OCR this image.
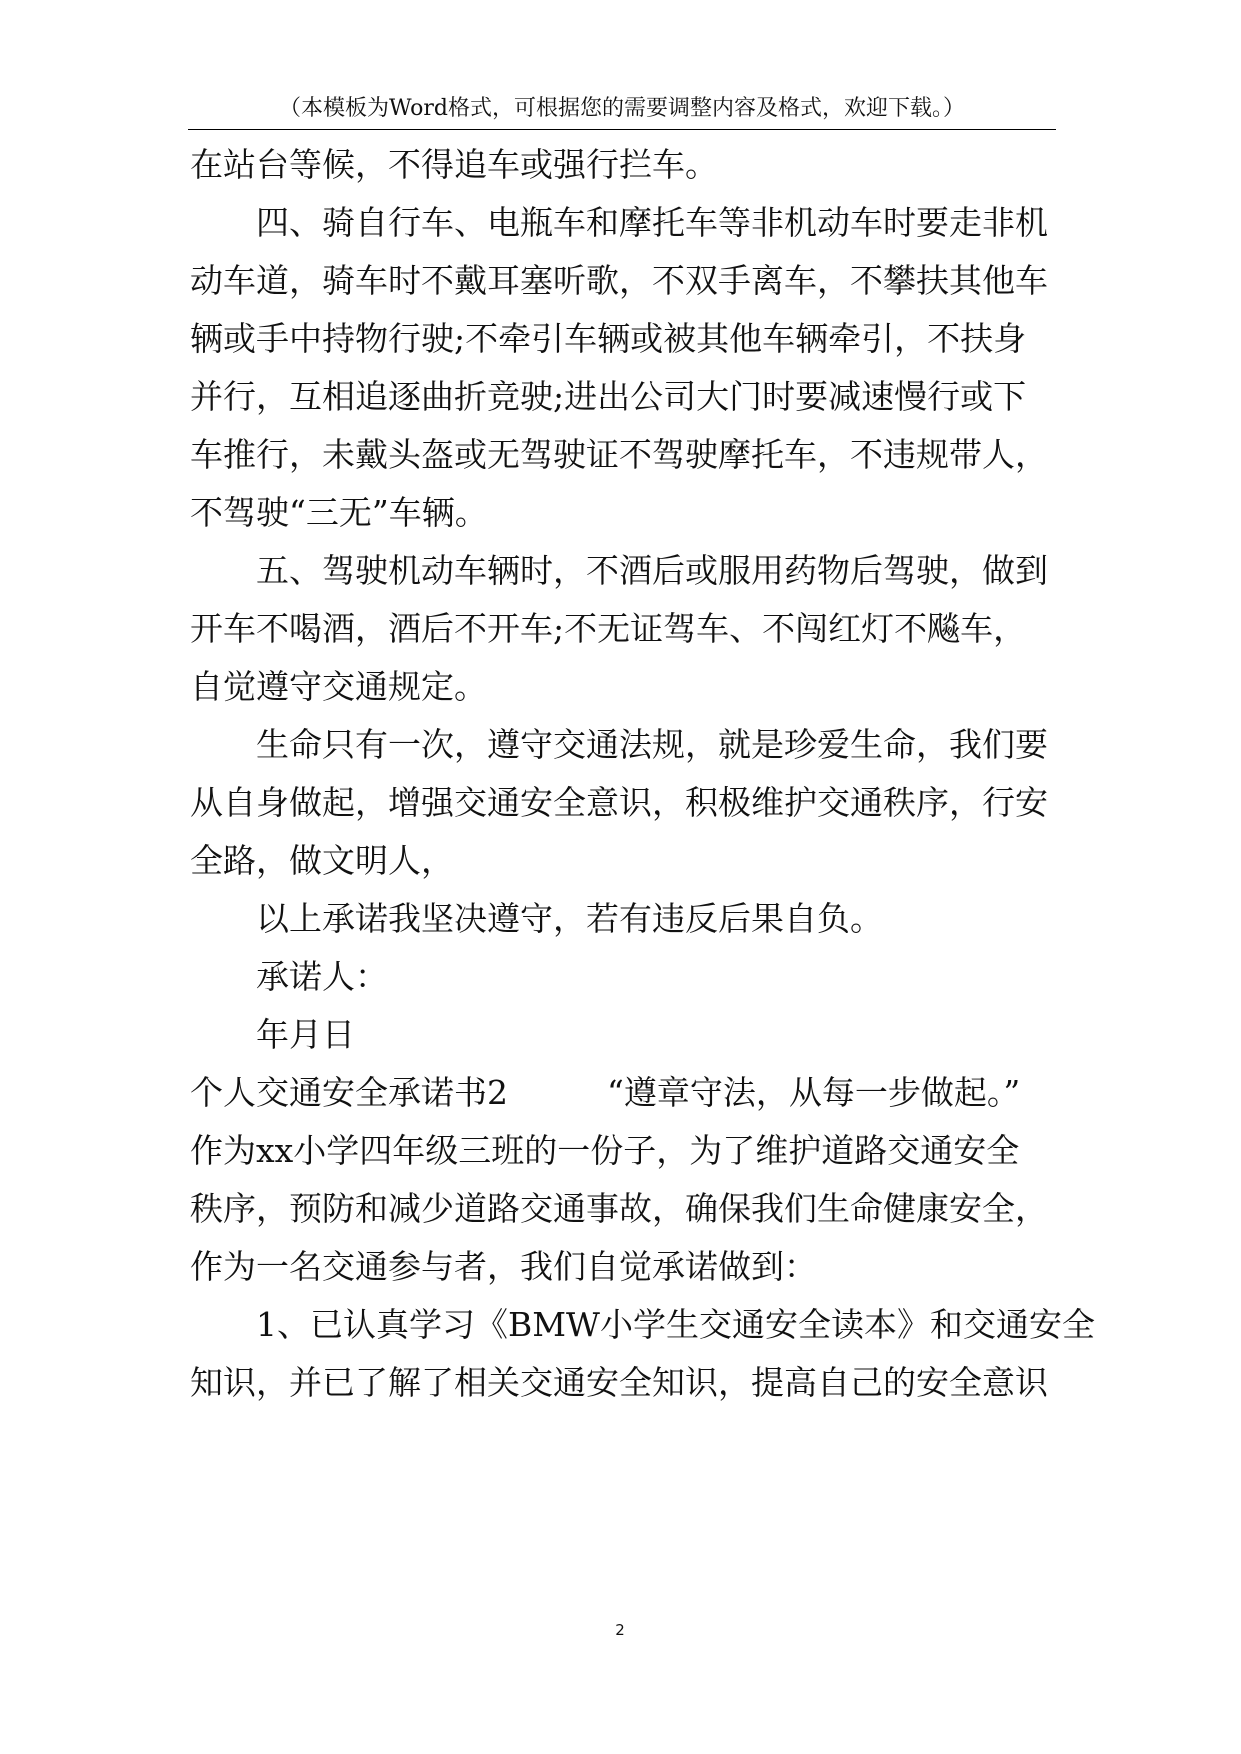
（本模板为Word格式，可根据您的需要调整内容及格式，欢迎下载。）
在站台等候，不得追车或强行拦车。
四、骑自行车、电瓶车和摩托车等非机动车时要走非机
动车道，骑车时不戴耳塞听歌，不双手离车，不攀扶其他车
辆或手中持物行驶;不牵引车辆或被其他车辆牵引，不扶身
并行，互相追逐曲折竞驶;进出公司大门时要减速慢行或下
车推行，未戴头盔或无驾驶证不驾驶摩托车，不违规带人，
不驾驶“三无”车辆。
五、驾驶机动车辆时，不酒后或服用药物后驾驶，做到
开车不喝酒，酒后不开车;不无证驾车、不闯红灯不飚车，
自觉遵守交通规定。
生命只有一次，遵守交通法规，就是珍爱生命，我们要
从自身做起，增强交通安全意识，积极维护交通秩序，行安
全路，做文明人，
以上承诺我坚决遵守，若有违反后果自负。
承诺人：
年月日
个人交通安全承诺书2　　　“遵章守法，从每一步做起。”
作为xx小学四年级三班的一份子，为了维护道路交通安全
秩序，预防和减少道路交通事故，确保我们生命健康安全，
作为一名交通参与者，我们自觉承诺做到：
1、已认真学习《BMW小学生交通安全读本》和交通安全
知识，并已了解了相关交通安全知识，提高自己的安全意识
2
